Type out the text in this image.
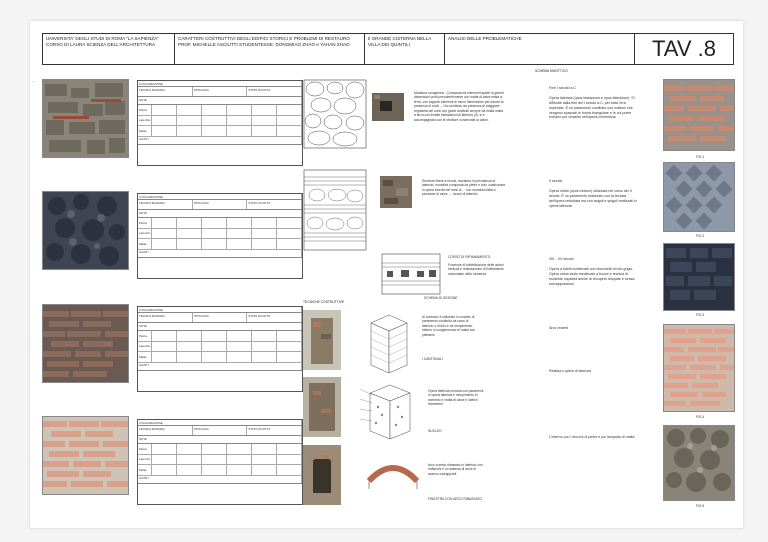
UNIVERSITA' DEGLI STUDI DI ROMA "LA SAPIENZA"
CORSO DI LAURA SCIENZA DELL'ARCHITETTURA
CARATTERI COSTRUTTIVI DEGLI EDIFICI STORICI E PROBLEMI DI RESTAURO
PROF. MICHELLE ASCIUTTI STUDENTESSE: DONGMIAO ZHAO e YAHAN ZHAO
Il GRANDE CISTERNA NELLA VILLA DEI QUINTILI
ANALISI DELLE PROBLEMATICHE	TAV .8
—
LOCALIZZAZIONE
TECNICA MURARIA	TIPOLOGIA	STATO DI FATTO
NOTE
Pietra
Laterizio
Malta
GIUNTI
LOCALIZZAZIONE
TECNICA MURARIA	TIPOLOGIA	STATO DI FATTO
NOTE
Pietra
Laterizio
Malta
GIUNTI
LOCALIZZAZIONE
TECNICA MURARIA	TIPOLOGIA	STATO DI FATTO
NOTE
Pietra
Laterizio
Malta
GIUNTI
LOCALIZZAZIONE
TECNICA MURARIA	TIPOLOGIA	STATO DI FATTO
NOTE
Pietra
Laterizio
Malta
GIUNTI
Muratura omogenea - Composta da elementi lapidei di grandi dimensioni posti prevalentemente con malta di calce mista a terra, con rapporti elementi di minor dimensione per ridurre la presenza di vuoti ... Ha condiviso da presenza di maggiore regolarità dei corsi con giunti costituiti sempre da malta mista a terra con limitati intestazioni di laterizio (il); si è accompagnato con le strutture conservate ai danni.
Strutture libere a ricorsi, muratura in prevalenza di laterizio; muratura composta da pietre e tufo; costruzione in opera incerta nei corsi di ... con muratura fatta a pezzame di calce; ... ricorsi di laterizio
CORSO DI RIPIANAMENTO
Funzione di ridistribuzione delle azioni verticali e realizzazione di livellamento orizzontale della muratura.
SCHEMA DI SEZIONE
TECNICHE COSTRUTTIVE
Al contrario è utilizzato il concetto di paramento costituito da conci di laterizio o di tufo e da riempimento interno in conglomerato di malta con pietrame.
I CANTONALI
Opera laterizia muraria con paramenti in opera laterizia e riempimento in cemento e malta di calce e laterizi frammenti.
NUCLEO
Arco a sesto ribassato in laterizio con rinfianchi e un sistema di archi di scarico sovrapposti.
FINESTRA CON ARCO RIBASSATO
SCHEMA SINOTTICO
Fine I secolo a.C
Opera laterizia (opus testaceum e opus latericium). Si diffonde dalla fine del I secolo a.C. per tutta l'era imperiale. È un paramento costituito con mattoni che vengono spaccati in forma triangolare e le cui punte entrano per rinsaldo nell'opera cementizia
II secolo
Opera mista (opus mixtum) utilizzata nel corso del II secolo. È un paramento realizzato con la tecnica dell'opera reticolata ma con angoli e spigoli realizzati in opera laterizia.
XIII - XV secolo
Opera a tufelli medievale con blocchetti di tufo grigio. Opera mista tardo medievale a bozze e tecnica di modeste capacità anche di recupero dirupate e senza sovrapposizioni
Arco recenti
Restauro opera di laterizia
L'interno con i blocchi di pietre e poi lampada di malta
FIG.1
FIG.2
FIG.3
FIG.4
FIG.5
